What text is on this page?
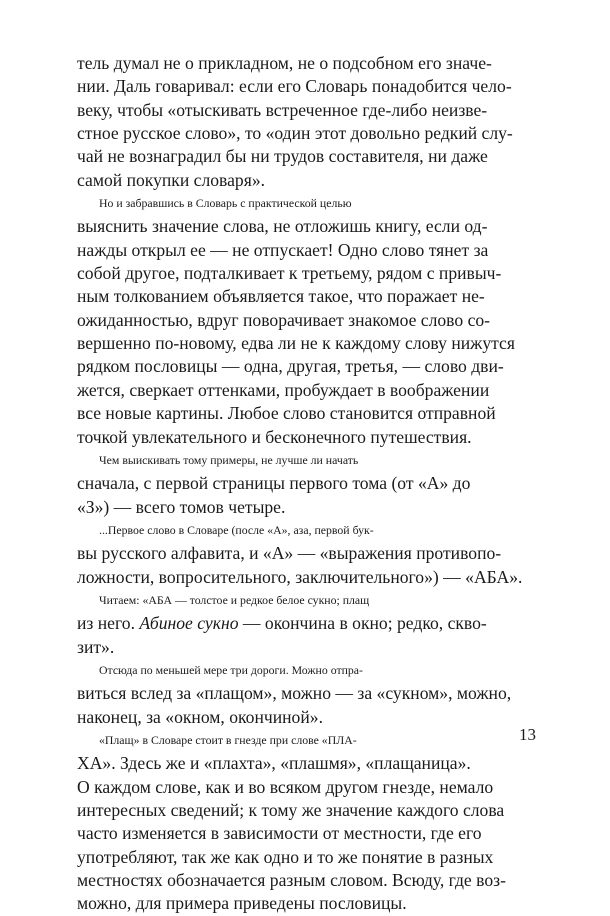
тель думал не о прикладном, не о подсобном его значе-
нии. Даль говаривал: если его Словарь понадобится чело-
веку, чтобы «отыскивать встреченное где-либо неизве-
стное русское слово», то «один этот довольно редкий слу-
чай не вознаградил бы ни трудов составителя, ни даже
самой покупки словаря».
Но и забравшись в Словарь с практической целью
выяснить значение слова, не отложишь книгу, если од-
нажды открыл ее — не отпускает! Одно слово тянет за
собой другое, подталкивает к третьему, рядом с привыч-
ным толкованием объявляется такое, что поражает не-
ожиданностью, вдруг поворачивает знакомое слово со-
вершенно по-новому, едва ли не к каждому слову нижутся
рядком пословицы — одна, другая, третья, — слово дви-
жется, сверкает оттенками, пробуждает в воображении
все новые картины. Любое слово становится отправной
точкой увлекательного и бесконечного путешествия.
Чем выискивать тому примеры, не лучше ли начать
сначала, с первой страницы первого тома (от «А» до
«З») — всего томов четыре.
...Первое слово в Словаре (после «А», аза, первой бук-
вы русского алфавита, и «А» — «выражения противопо-
ложности, вопросительного, заключительного») — «АБА».
Читаем: «АБА — толстое и редкое белое сукно; плащ
из него. Абиное сукно — окончина в окно; редко, скво-
зит».
Отсюда по меньшей мере три дороги. Можно отпра-
виться вслед за «плащом», можно — за «сукном», можно,
наконец, за «окном, окончиной».
«Плащ» в Словаре стоит в гнезде при слове «ПЛА-
ХА». Здесь же и «плахта», «плашмя», «плащаница».
О каждом слове, как и во всяком другом гнезде, немало
интересных сведений; к тому же значение каждого слова
часто изменяется в зависимости от местности, где его
употребляют, так же как одно и то же понятие в разных
местностях обозначается разным словом. Всюду, где воз-
можно, для примера приведены пословицы.
13
